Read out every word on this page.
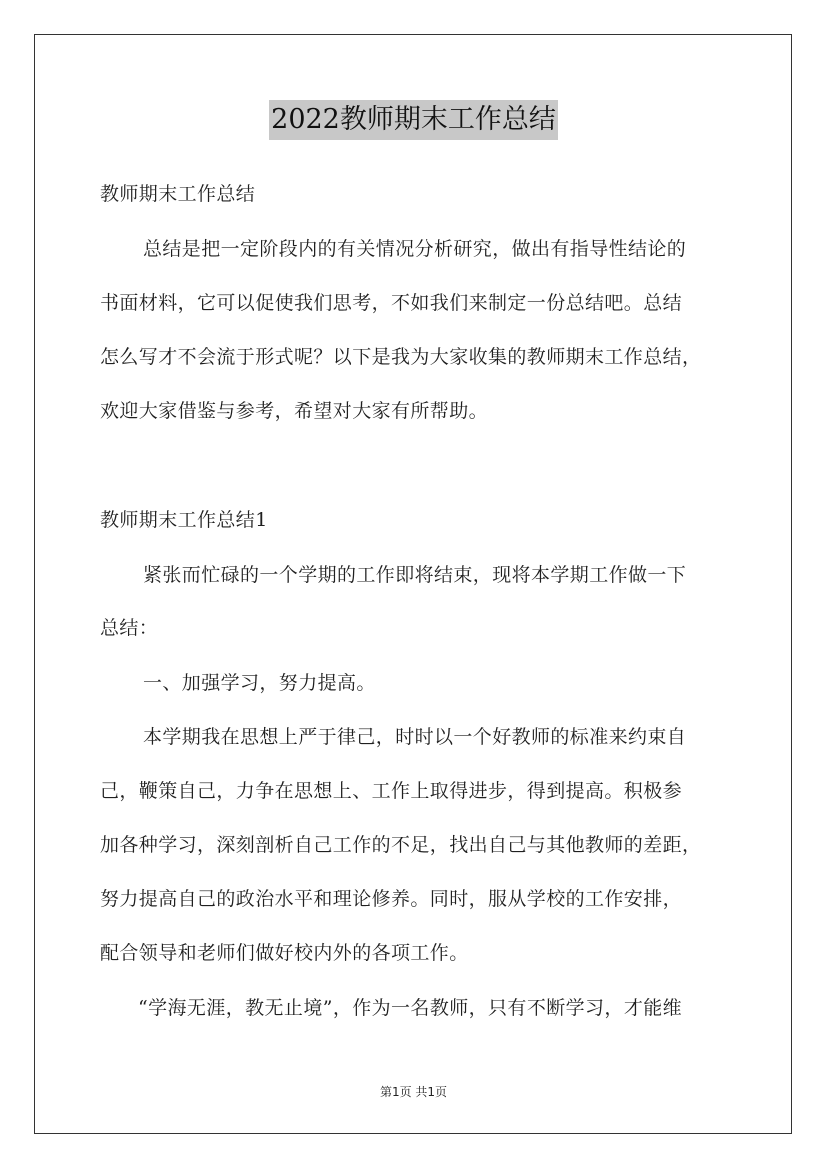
2022教师期末工作总结
教师期末工作总结
总结是把一定阶段内的有关情况分析研究，做出有指导性结论的
书面材料，它可以促使我们思考，不如我们来制定一份总结吧。总结
怎么写才不会流于形式呢？以下是我为大家收集的教师期末工作总结，
欢迎大家借鉴与参考，希望对大家有所帮助。
教师期末工作总结1
紧张而忙碌的一个学期的工作即将结束，现将本学期工作做一下
总结：
一、加强学习，努力提高。
本学期我在思想上严于律己，时时以一个好教师的标准来约束自
己，鞭策自己，力争在思想上、工作上取得进步，得到提高。积极参
加各种学习，深刻剖析自己工作的不足，找出自己与其他教师的差距，
努力提高自己的政治水平和理论修养。同时，服从学校的工作安排，
配合领导和老师们做好校内外的各项工作。
“学海无涯，教无止境”，作为一名教师，只有不断学习，才能维
第1页 共1页
